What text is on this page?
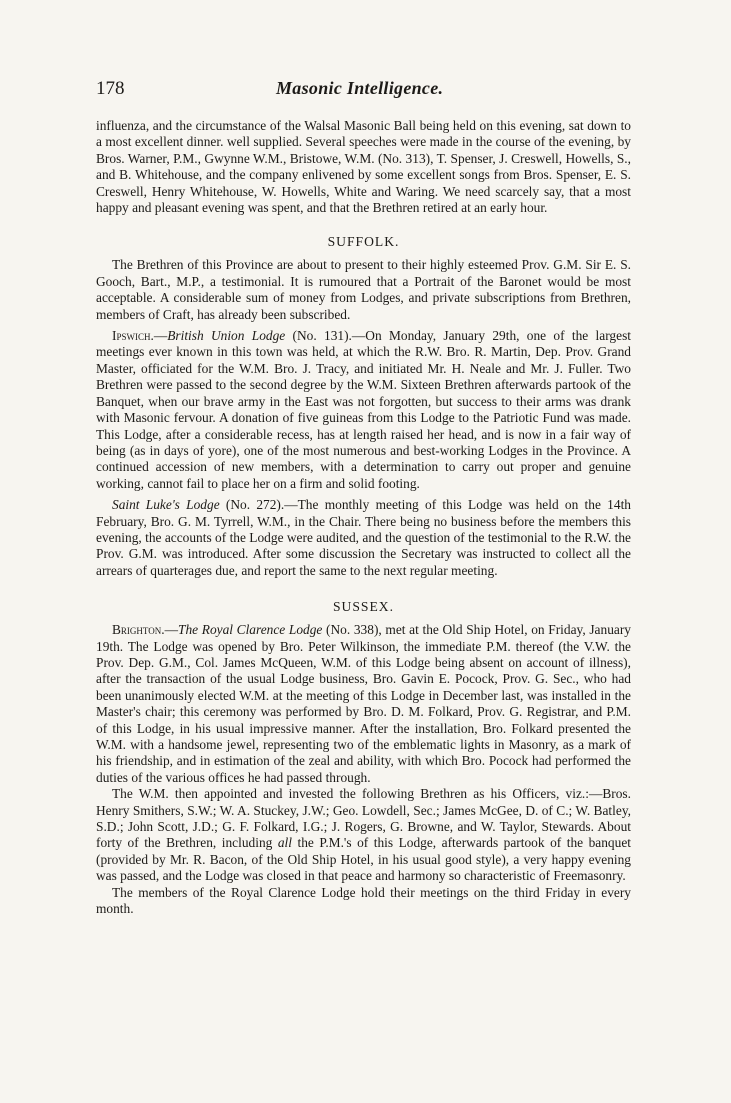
178	Masonic Intelligence.

influenza, and the circumstance of the Walsal Masonic Ball being held on this evening, sat down to a most excellent dinner. well supplied. Several speeches were made in the course of the evening, by Bros. Warner, P.M., Gwynne W.M., Bristowe, W.M. (No. 313), T. Spenser, J. Creswell, Howells, S., and B. Whitehouse, and the company enlivened by some excellent songs from Bros. Spenser, E. S. Creswell, Henry Whitehouse, W. Howells, White and Waring. We need scarcely say, that a most happy and pleasant evening was spent, and that the Brethren retired at an early hour.

SUFFOLK.

The Brethren of this Province are about to present to their highly esteemed Prov. G.M. Sir E. S. Gooch, Bart., M.P., a testimonial. It is rumoured that a Portrait of the Baronet would be most acceptable. A considerable sum of money from Lodges, and private subscriptions from Brethren, members of Craft, has already been subscribed.

Ipswich.—British Union Lodge (No. 131).—On Monday, January 29th, one of the largest meetings ever known in this town was held, at which the R.W. Bro. R. Martin, Dep. Prov. Grand Master, officiated for the W.M. Bro. J. Tracy, and initiated Mr. H. Neale and Mr. J. Fuller. Two Brethren were passed to the second degree by the W.M. Sixteen Brethren afterwards partook of the Banquet, when our brave army in the East was not forgotten, but success to their arms was drank with Masonic fervour. A donation of five guineas from this Lodge to the Patriotic Fund was made. This Lodge, after a considerable recess, has at length raised her head, and is now in a fair way of being (as in days of yore), one of the most numerous and best-working Lodges in the Province. A continued accession of new members, with a determination to carry out proper and genuine working, cannot fail to place her on a firm and solid footing.

Saint Luke's Lodge (No. 272).—The monthly meeting of this Lodge was held on the 14th February, Bro. G. M. Tyrrell, W.M., in the Chair. There being no business before the members this evening, the accounts of the Lodge were audited, and the question of the testimonial to the R.W. the Prov. G.M. was introduced. After some discussion the Secretary was instructed to collect all the arrears of quarterages due, and report the same to the next regular meeting.

SUSSEX.

Brighton.—The Royal Clarence Lodge (No. 338), met at the Old Ship Hotel, on Friday, January 19th. The Lodge was opened by Bro. Peter Wilkinson, the immediate P.M. thereof (the V.W. the Prov. Dep. G.M., Col. James McQueen, W.M. of this Lodge being absent on account of illness), after the transaction of the usual Lodge business, Bro. Gavin E. Pocock, Prov. G. Sec., who had been unanimously elected W.M. at the meeting of this Lodge in December last, was installed in the Master's chair; this ceremony was performed by Bro. D. M. Folkard, Prov. G. Registrar, and P.M. of this Lodge, in his usual impressive manner. After the installation, Bro. Folkard presented the W.M. with a handsome jewel, representing two of the emblematic lights in Masonry, as a mark of his friendship, and in estimation of the zeal and ability, with which Bro. Pocock had performed the duties of the various offices he had passed through.

The W.M. then appointed and invested the following Brethren as his Officers, viz.:—Bros. Henry Smithers, S.W.; W. A. Stuckey, J.W.; Geo. Lowdell, Sec.; James McGee, D. of C.; W. Batley, S.D.; John Scott, J.D.; G. F. Folkard, I.G.; J. Rogers, G. Browne, and W. Taylor, Stewards. About forty of the Brethren, including all the P.M.'s of this Lodge, afterwards partook of the banquet (provided by Mr. R. Bacon, of the Old Ship Hotel, in his usual good style), a very happy evening was passed, and the Lodge was closed in that peace and harmony so characteristic of Freemasonry.

The members of the Royal Clarence Lodge hold their meetings on the third Friday in every month.
